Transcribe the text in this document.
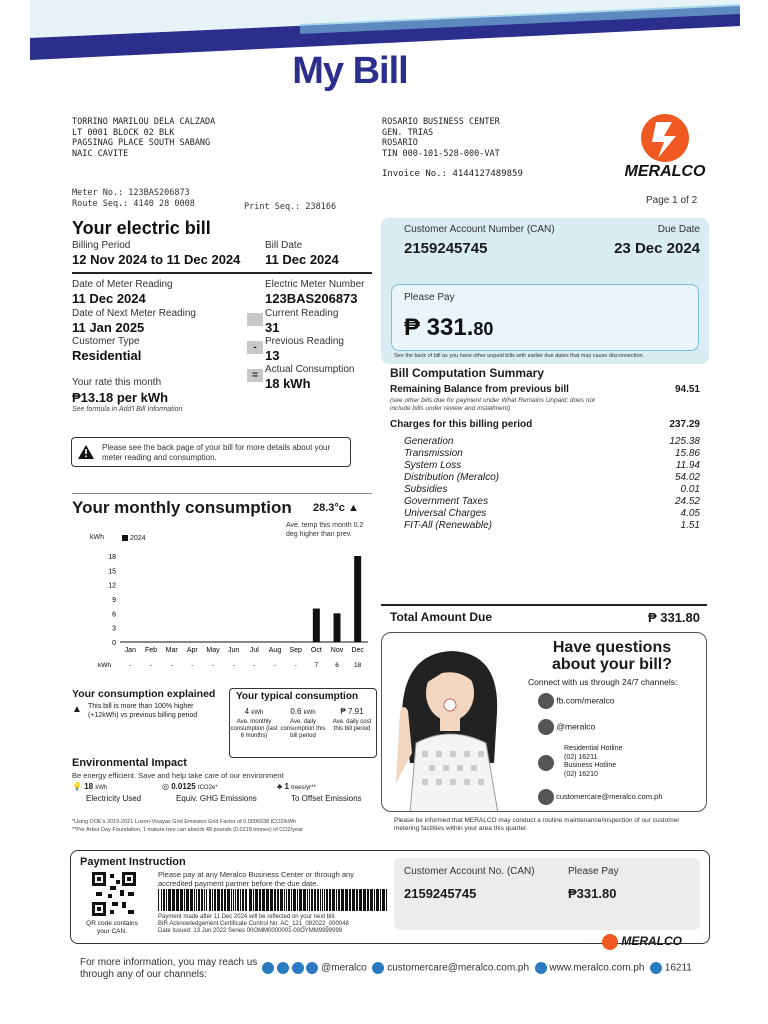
My Bill
TORRINO MARILOU DELA CALZADA
LT 0001 BLOCK 02 BLK
PAGSINAG PLACE SOUTH SABANG
NAIC CAVITE
ROSARIO BUSINESS CENTER
GEN. TRIAS
ROSARIO
TIN 000-101-528-000-VAT
Invoice No.: 4144127489859	MERALCO
Page 1 of 2
Meter No.: 123BAS206873
Route Seq.: 4140 28 0008	Print Seq.: 238166
Your electric bill
Billing Period
12 Nov 2024 to 11 Dec 2024
Bill Date
11 Dec 2024
Date of Meter Reading
11 Dec 2024
Date of Next Meter Reading
11 Jan 2025
Customer Type
Residential
Electric Meter Number
123BAS206873
Current Reading
31
-
Previous Reading
13
=
Actual Consumption
18 kWh
Your rate this month
₱13.18 per kWh
See formula in Add'l Bill Information
Please see the back page of your bill for more details about your meter reading and consumption.
Customer Account Number (CAN)
2159245745
Due Date
23 Dec 2024
Please Pay
₱ 331.80
See the back of bill as you have other unpaid bills with earlier due dates that may cause disconnection.
Bill Computation Summary
Remaining Balance from previous bill	94.51
(see other bills due for payment under What Remains Unpaid; does not include bills under review and installment)
Charges for this billing period	237.29
Generation	125.38
Transmission	15.86
System Loss	11.94
Distribution (Meralco)	54.02
Subsidies	0.01
Government Taxes	24.52
Universal Charges	4.05
FIT-All (Renewable)	1.51
Total Amount Due	₱ 331.80
Your monthly consumption 28.3°c ▲
Ave. temp this month 0.2 deg higher than prev.
kWh	2024
0
3
6
9
12
15
18
Jan
-
Feb
-
Mar
-
Apr
-
May
-
Jun
-
Jul
-
Aug
-
Sep
-
Oct
7
Nov
6
Dec
18
kWh
Your consumption explained
▲ This bill is more than 100% higher (+12kWh) vs previous billing period
Your typical consumption
4 kWh
Ave. monthly consumption (last 6 months)
0.6 kWh
Ave. daily consumption this bill period
₱ 7.91
Ave. daily cost this bill period
Environmental Impact
Be energy efficient. Save and help take care of our environment
💡 18 kWh
Electricity Used
◎ 0.0125 tCO2e*
Equiv. GHG Emissions
♣ 1 trees/yr**
To Offset Emissions
*Using DOE's 2019-2021 Luzon-Visayas Grid Emission Grid Factor of 0.0006938 tCO2/kWh
**Per Arbor Day Foundation, 1 mature tree can absorb 48 pounds (0.0218 tonnes) of CO2/year
Have questions
about your bill?
Connect with us through 24/7 channels:
fb.com/meralco
@meralco
Residential Hotline
(02) 16211
Business Hotline
(02) 16210
customercare@meralco.com.ph
Please be informed that MERALCO may conduct a routine maintenance/inspection of our customer metering facilities within your area this quarter.
Payment Instruction
QR code contains your CAN.
Please pay at any Meralco Business Center or through any accredited payment partner before the due date.
Payment made after 11 Dec 2024 will be reflected on your next bill.
BIR Acknowledgement Certificate Control No. AC_121_082022_000048
Date Issued: 13 Jun 2022 Series 00OMM0000001-00OYMM9999999
Customer Account No. (CAN)
2159245745
Please Pay
₱331.80
MERALCO
For more information, you may reach us
through any of our channels:
@meralco customercare@meralco.com.ph www.meralco.com.ph 16211
